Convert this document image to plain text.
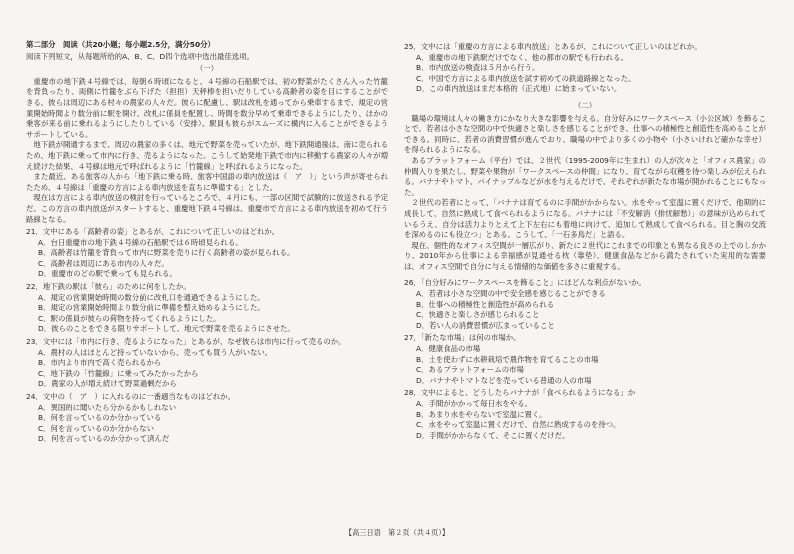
第二部分　阅读（共20小题；每小题2.5分，满分50分）
阅读下列短文，从每题所给的A、B、C、D四个选项中选出最佳选项。
（一）

重慶市の地下鉄４号線では、毎朝６時頃になると、４号線の石船駅では、初の野菜がたくさん入った竹籠を背負ったり、両側に竹籠をぶら下げた（担担）天秤棒を担いだりしている高齢者の姿を目にすることができる。彼らは周辺にある村々の農家の人々だ。彼らに配慮し、駅は改札を通ってから乗車するまで、規定の営業開始時間より数分前に駅を開け、改札に係員を配置し、時間を数分早めて乗車できるようにしたり、ほかの乗客が来る前に乗れるようにしたりしている（安排）。駅員も彼らがスムーズに構内に入ることができるようサポートしている。

地下鉄が開通するまで、周辺の農家の多くは、地元で野菜を売っていたが、地下鉄開通後は、南に売られるため、地下鉄に乗って市内に行き、売るようになった。こうして始発地下鉄で市内に移動する農家の人々が増え続けた結果、４号線は地元で呼ばれるように「竹籠線」と呼ばれるようになった。

また最近、ある旅客の人から「地下鉄に乗る時、旅客中国語の車内放送は（　ア　）」という声が寄せられたため、４号線は「重慶の方言による車内放送を直ちに準備する」とした。

現在は方言による車内放送の検討を行っているところで、４月にも、一部の区間で試験的に放送される予定だ。この方言の車内放送がスタートすると、重慶地下鉄４号線は、重慶市で方言による車内放送を初めて行う路線となる。

21．文中にある「高齢者の姿」とあるが、これについて正しいのはどれか。
A．台日重慶市の地下鉄４号線の石船駅では６時頃見られる。
B．高齢者は竹籠を背負って市内に野菜を売りに行く高齢者の姿が見られる。
C．高齢者は周辺にある市内の人々だ。
D．重慶市のどの駅で乗っても見られる。
22．地下鉄の駅は「彼ら」のために何をしたか。
A．規定の営業開始時間の数分前に改札口を通過できるようにした。
B．規定の営業開始時間より数分前に準備を整え始めるようにした。
C．駅の係員が彼らの荷物を持ってくれるようにした。
D．彼らのことをできる限りサポートして、地元で野菜を売るようにさせた。
23．文中には「市内に行き、売るようになった」とあるが、なぜ彼らは市内に行って売るのか。
A．農村の人はほとんど持っていないから、売っても買う人がいない。
B．市内より市内で高く売られるから
C．地下鉄の「竹籠線」に乗ってみたかったから
D．農家の人が増え続けて野菜過剰だから
24．文中の（　ア　）に入れるのに一番適当なものはどれか。
A．異国的に聞いたら分かるかもしれない
B．何を言っているのか分かっている
C．何を言っているのか分からない
D．何を言っているのか分かって済んだ
25．文中には「重慶の方言による車内放送」とあるが、これについて正しいのはどれか。
A．重慶市の地下鉄駅だけでなく、他の都市の駅でも行われる。
B．市内放送の検査は５月から行う。
C．中国で方言による車内放送を試す初めての鉄道路線となった。
D．この車内放送はまだ本格的（正式地）に始まっていない。
（二）

職場の環境は人々の働き方にかなり大きな影響を与える。自分好みにワークスペース（小公区域）を飾ることで、若者は小さな空間の中で快適さと楽しさを感じることができ、仕事への積極性と創造性を高めることができる。同時に、若者の消費習慣が進んでおり、職場の中でより多くの小物や（小さいけれど確かな幸せ）を得られるようになる。

あるプラットフォーム（平台）では、２世代（1995-2009年に生まれ）の人が次々と「オフィス農家」の仲間入りを果たし、野菜や果物が「ワークスペースの仲間」になり、育てながら収穫を待つ楽しみが伝えられる。バナナやトマト、パイナップルなどが水を与えるだけで、それぞれが新たな市場が開かれることにもなった。

２世代の若者にとって、「バナナは育てるのに手間がかからない。水をやって室温に置くだけで、他期的に成長して、自然に熟成して食べられるようになる。バナナには「不安解消（排忧解愁）」の意味が込められているうえ、自分は活力よりとえて上下左右にも着地に向けて、追加して熟成して食べられる。目と胸の交流を深めるのにも役立つ」とある。こうして、「一石多鳥だ」と語る。

現在、個性的なオフィス空間が一層広がり、新たに２世代にこれまでの印象とも異なる良さの上でのしかかり、2010年から仕事による幸福感が見通せる枕（靠垫）、健康食品などから満たされていた実用的な需要は、オフィス空間で自分に与える情緒的な価値を多さに重視する。

26．「自分好みにワークスペースを飾ること」にほどんな利点がないか。
A．若者は小さな空間の中で安全感を感じることができる
B．仕事への積極性と創造性が高められる
C．快適さと楽しさが感じられること
D．若い人の消費習慣が広まっていること
27．「新たな市場」は何の市場か。
A．健康食品の市場
B．土を使わずに水耕栽培で農作物を育てることの市場
C．あるプラットフォームの市場
D．バナナやトマトなどを売っている普通の人の市場
28．文中によると、どうしたらバナナが「食べられるようになる」か
A．手間がかかって毎日水をやる。
B．あまり水をやらないで室温に置く。
C．水をやって室温に置くだけで、自然に熟成するのを待つ。
D．手間がかからなくて、そこに置くだけだ。
【高三日语　第２页（共４页）】
